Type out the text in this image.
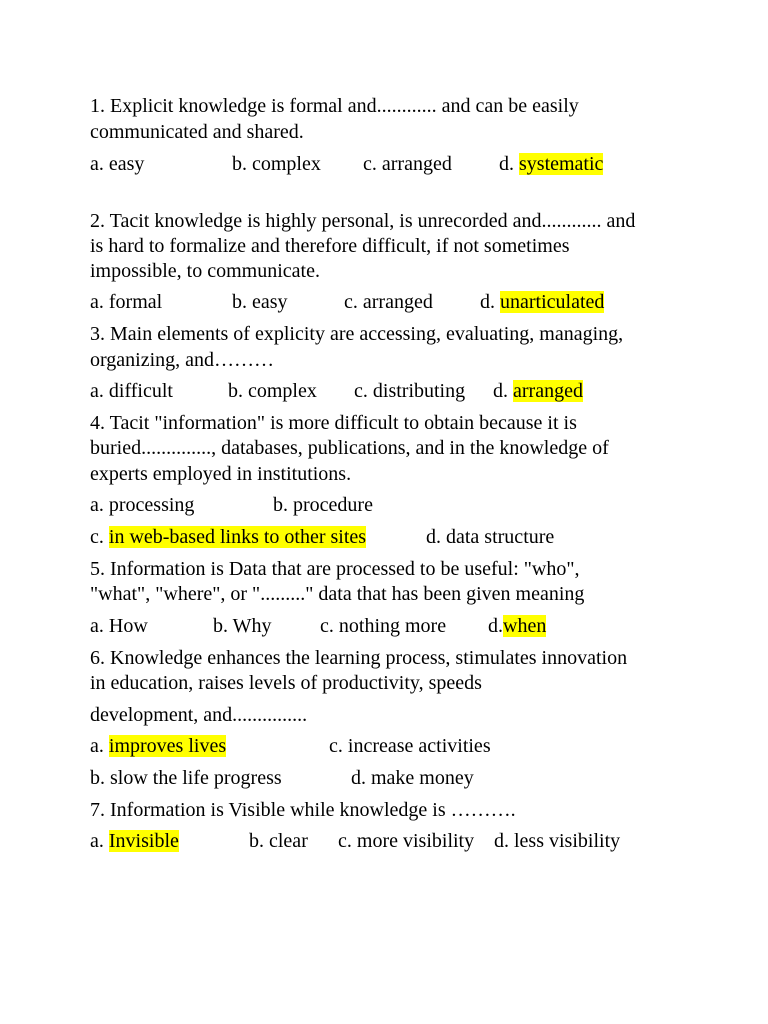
1. Explicit knowledge is formal and............ and can be easily
communicated and shared.
a. easy	b. complex c. arranged d. systematic
2. Tacit knowledge is highly personal, is unrecorded and............ and
is hard to formalize and therefore difficult, if not sometimes
impossible, to communicate.
a. formal	b. easy	c. arranged d. unarticulated
3. Main elements of explicity are accessing, evaluating, managing,
organizing, and………
a. difficult	b. complex c. distributing d. arranged
4. Tacit "information" is more difficult to obtain because it is
buried.............., databases, publications, and in the knowledge of
experts employed in institutions.
a. processing	b. procedure
c. in web-based links to other sites	d. data structure
5. Information is Data that are processed to be useful: "who",
"what", "where", or "........." data that has been given meaning
a. How	b. Why c. nothing more d.when
6. Knowledge enhances the learning process, stimulates innovation
in education, raises levels of productivity, speeds
development, and...............
a. improves lives	c. increase activities
b. slow the life progress	d. make money
7. Information is Visible while knowledge is ……….
a. Invisible	b. clear c. more visibility d. less visibility
